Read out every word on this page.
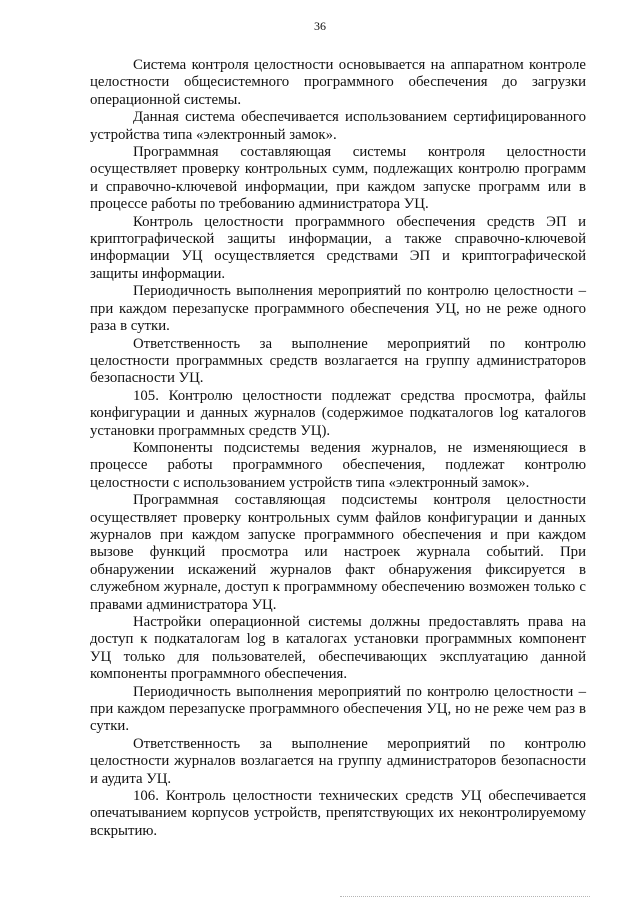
36

Система контроля целостности основывается на аппаратном контроле целостности общесистемного программного обеспечения до загрузки операционной системы.

Данная система обеспечивается использованием сертифицированного устройства типа «электронный замок».

Программная составляющая системы контроля целостности осуществляет проверку контрольных сумм, подлежащих контролю программ и справочно-ключевой информации, при каждом запуске программ или в процессе работы по требованию администратора УЦ.

Контроль целостности программного обеспечения средств ЭП и криптографической защиты информации, а также справочно-ключевой информации УЦ осуществляется средствами ЭП и криптографической защиты информации.

Периодичность выполнения мероприятий по контролю целостности – при каждом перезапуске программного обеспечения УЦ, но не реже одного раза в сутки.

Ответственность за выполнение мероприятий по контролю целостности программных средств возлагается на группу администраторов безопасности УЦ.

105. Контролю целостности подлежат средства просмотра, файлы конфигурации и данных журналов (содержимое подкаталогов log каталогов установки программных средств УЦ).

Компоненты подсистемы ведения журналов, не изменяющиеся в процессе работы программного обеспечения, подлежат контролю целостности с использованием устройств типа «электронный замок».

Программная составляющая подсистемы контроля целостности осуществляет проверку контрольных сумм файлов конфигурации и данных журналов при каждом запуске программного обеспечения и при каждом вызове функций просмотра или настроек журнала событий. При обнаружении искажений журналов факт обнаружения фиксируется в служебном журнале, доступ к программному обеспечению возможен только с правами администратора УЦ.

Настройки операционной системы должны предоставлять права на доступ к подкаталогам log в каталогах установки программных компонент УЦ только для пользователей, обеспечивающих эксплуатацию данной компоненты программного обеспечения.

Периодичность выполнения мероприятий по контролю целостности – при каждом перезапуске программного обеспечения УЦ, но не реже чем раз в сутки.

Ответственность за выполнение мероприятий по контролю целостности журналов возлагается на группу администраторов безопасности и аудита УЦ.

106. Контроль целостности технических средств УЦ обеспечивается опечатыванием корпусов устройств, препятствующих их неконтролируемому вскрытию.
